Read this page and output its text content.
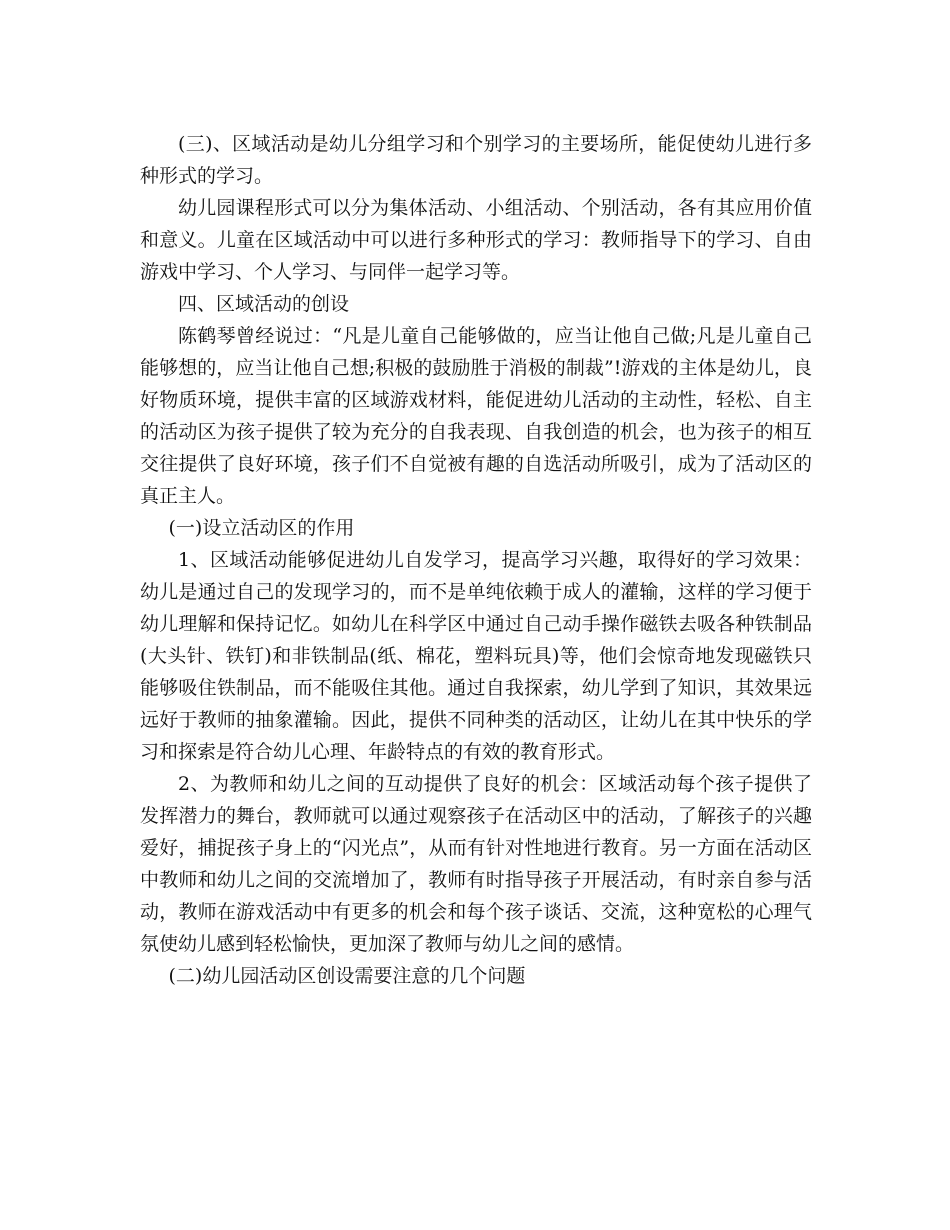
(三)、区域活动是幼儿分组学习和个别学习的主要场所，能促使幼儿进行多种形式的学习。

幼儿园课程形式可以分为集体活动、小组活动、个别活动，各有其应用价值和意义。儿童在区域活动中可以进行多种形式的学习：教师指导下的学习、自由游戏中学习、个人学习、与同伴一起学习等。

四、区域活动的创设

陈鹤琴曾经说过：“凡是儿童自己能够做的，应当让他自己做;凡是儿童自己能够想的，应当让他自己想;积极的鼓励胜于消极的制裁”!游戏的主体是幼儿，良好物质环境，提供丰富的区域游戏材料，能促进幼儿活动的主动性，轻松、自主的活动区为孩子提供了较为充分的自我表现、自我创造的机会，也为孩子的相互交往提供了良好环境，孩子们不自觉被有趣的自选活动所吸引，成为了活动区的真正主人。

(一)设立活动区的作用

1、区域活动能够促进幼儿自发学习，提高学习兴趣，取得好的学习效果：幼儿是通过自己的发现学习的，而不是单纯依赖于成人的灌输，这样的学习便于幼儿理解和保持记忆。如幼儿在科学区中通过自己动手操作磁铁去吸各种铁制品(大头针、铁钉)和非铁制品(纸、棉花，塑料玩具)等，他们会惊奇地发现磁铁只能够吸住铁制品，而不能吸住其他。通过自我探索，幼儿学到了知识，其效果远远好于教师的抽象灌输。因此，提供不同种类的活动区，让幼儿在其中快乐的学习和探索是符合幼儿心理、年龄特点的有效的教育形式。

2、为教师和幼儿之间的互动提供了良好的机会：区域活动每个孩子提供了发挥潜力的舞台，教师就可以通过观察孩子在活动区中的活动，了解孩子的兴趣爱好，捕捉孩子身上的“闪光点”，从而有针对性地进行教育。另一方面在活动区中教师和幼儿之间的交流增加了，教师有时指导孩子开展活动，有时亲自参与活动，教师在游戏活动中有更多的机会和每个孩子谈话、交流，这种宽松的心理气氛使幼儿感到轻松愉快，更加深了教师与幼儿之间的感情。

(二)幼儿园活动区创设需要注意的几个问题
